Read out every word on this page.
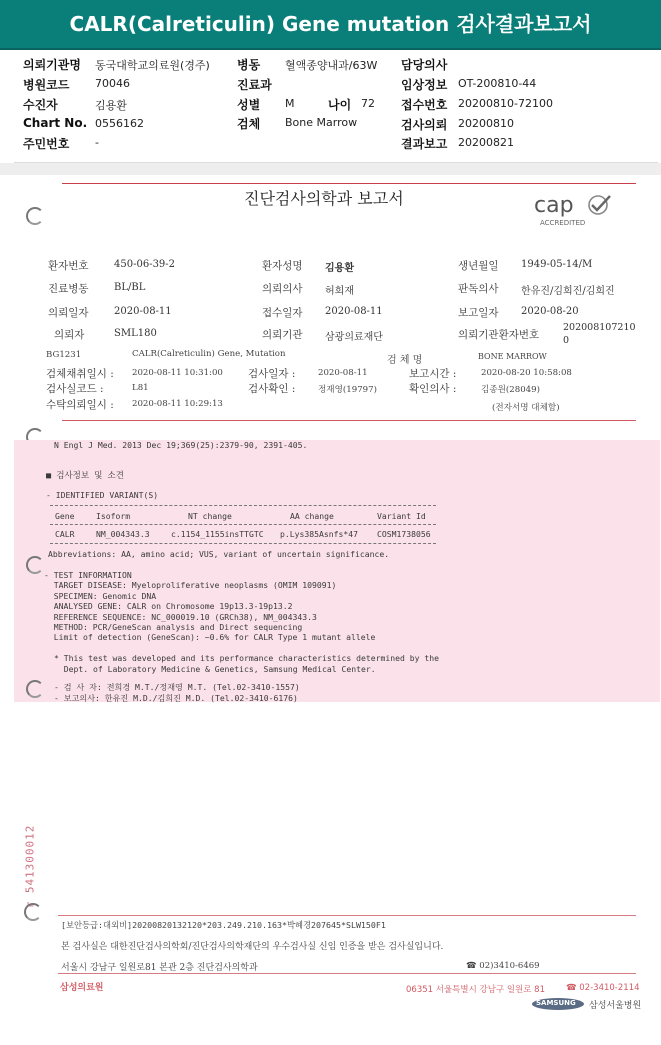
CALR(Calreticulin) Gene mutation 검사결과보고서
의뢰기관명 동국대학교의료원(경주) 병동 혈액종양내과/63W 담당의사
병원코드 70046	진료과	임상정보 OT-200810-44
수진자	김용환	성별 M	나이 72 접수번호 20200810-72100
Chart No. 0556162	검체 Bone Marrow	검사의뢰 20200810
주민번호 -	결과보고 20200821
진단검사의학과 보고서	cap
ACCREDITED
환자번호	450-06-39-2	환자성명 김용환	생년월일 1949-05-14/M
진료병동	BL/BL	의뢰의사 허희재	판독의사 한유진/김희진/김희진
의뢰일자	2020-08-11	접수일자 2020-08-11	보고일자 2020-08-20
의뢰자	SML180	의뢰기관 삼광의료재단	의뢰기관환자번호
202008107210
0
BG1231	CALR(Calreticulin) Gene, Mutation
검 체 명	BONE MARROW
검체채취일시 : 2020-08-11 10:31:00 검사일자 :	2020-08-11	보고시간 :	2020-08-20 10:58:08
검사실코드 :	L81	검사확인 :	정재영(19797)	확인의사 :	김종원(28049)
수탁의뢰일시 : 2020-08-11 10:29:13	(전자서명 대체함)
N Engl J Med. 2013 Dec 19;369(25):2379-90, 2391-405.
■ 검사정보 및 소견
- IDENTIFIED VARIANT(S)
Gene	Isoform	NT change	AA change	Variant Id
CALR	NM_004343.3	c.1154_1155insTTGTC p.Lys385Asnfs*47 COSM1738056
Abbreviations: AA, amino acid; VUS, variant of uncertain significance.
- TEST INFORMATION
TARGET DISEASE: Myeloproliferative neoplasms (OMIM 109091)
SPECIMEN: Genomic DNA
ANALYSED GENE: CALR on Chromosome 19p13.3-19p13.2
REFERENCE SEQUENCE: NC_000019.10 (GRCh38), NM_004343.3
METHOD: PCR/GeneScan analysis and Direct sequencing
Limit of detection (GeneScan): ~0.6% for CALR Type 1 mutant allele
* This test was developed and its performance characteristics determined by the
Dept. of Laboratory Medicine & Genetics, Samsung Medical Center.
- 검 사 자: 전희경 M.T./정재영 M.T. (Tel.02-3410-1557)
- 보고의사: 한유진 M.D./김희진 M.D. (Tel.02-3410-6176)
r 541300012
[보안등급:대외비]20200820132120*203.249.210.163*박혜경207645*SLW150F1
본 검사실은 대한진단검사의학회/진단검사의학재단의 우수검사실 신임 인증을 받은 검사실입니다.
서울시 강남구 일원로81 본관 2층 진단검사의학과	☎ 02)3410-6469
삼성의료원	06351 서울특별시 강남구 일원로 81 ☎ 02-3410-2114
SAMSUNG 삼성서울병원
